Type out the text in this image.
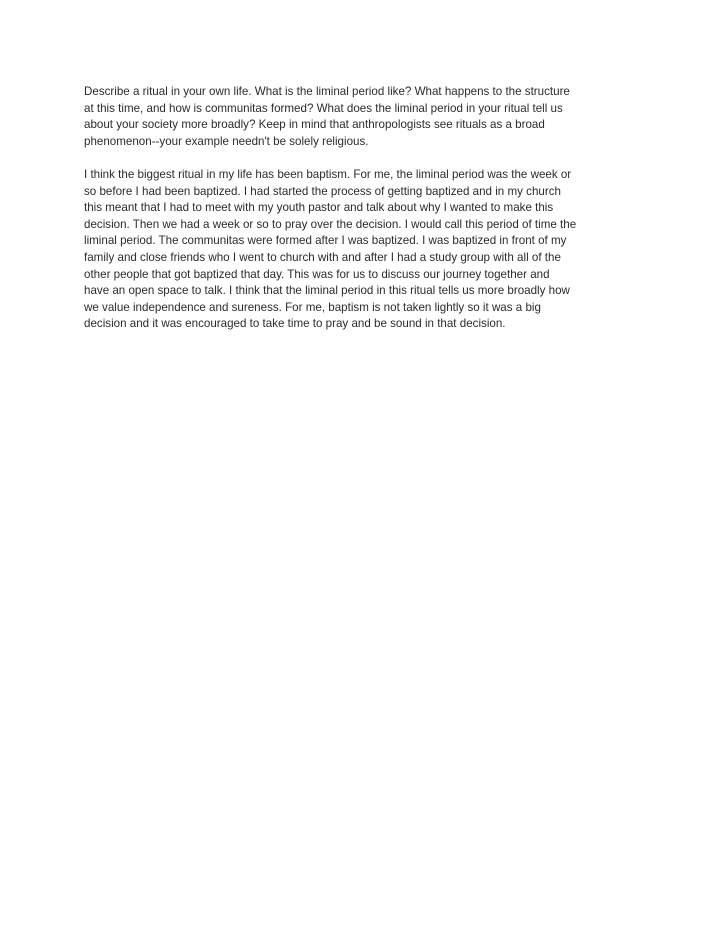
Describe a ritual in your own life. What is the liminal period like? What happens to the structure
at this time, and how is communitas formed? What does the liminal period in your ritual tell us
about your society more broadly? Keep in mind that anthropologists see rituals as a broad
phenomenon--your example needn't be solely religious.
I think the biggest ritual in my life has been baptism. For me, the liminal period was the week or
so before I had been baptized. I had started the process of getting baptized and in my church
this meant that I had to meet with my youth pastor and talk about why I wanted to make this
decision. Then we had a week or so to pray over the decision. I would call this period of time the
liminal period. The communitas were formed after I was baptized. I was baptized in front of my
family and close friends who I went to church with and after I had a study group with all of the
other people that got baptized that day. This was for us to discuss our journey together and
have an open space to talk. I think that the liminal period in this ritual tells us more broadly how
we value independence and sureness. For me, baptism is not taken lightly so it was a big
decision and it was encouraged to take time to pray and be sound in that decision.
